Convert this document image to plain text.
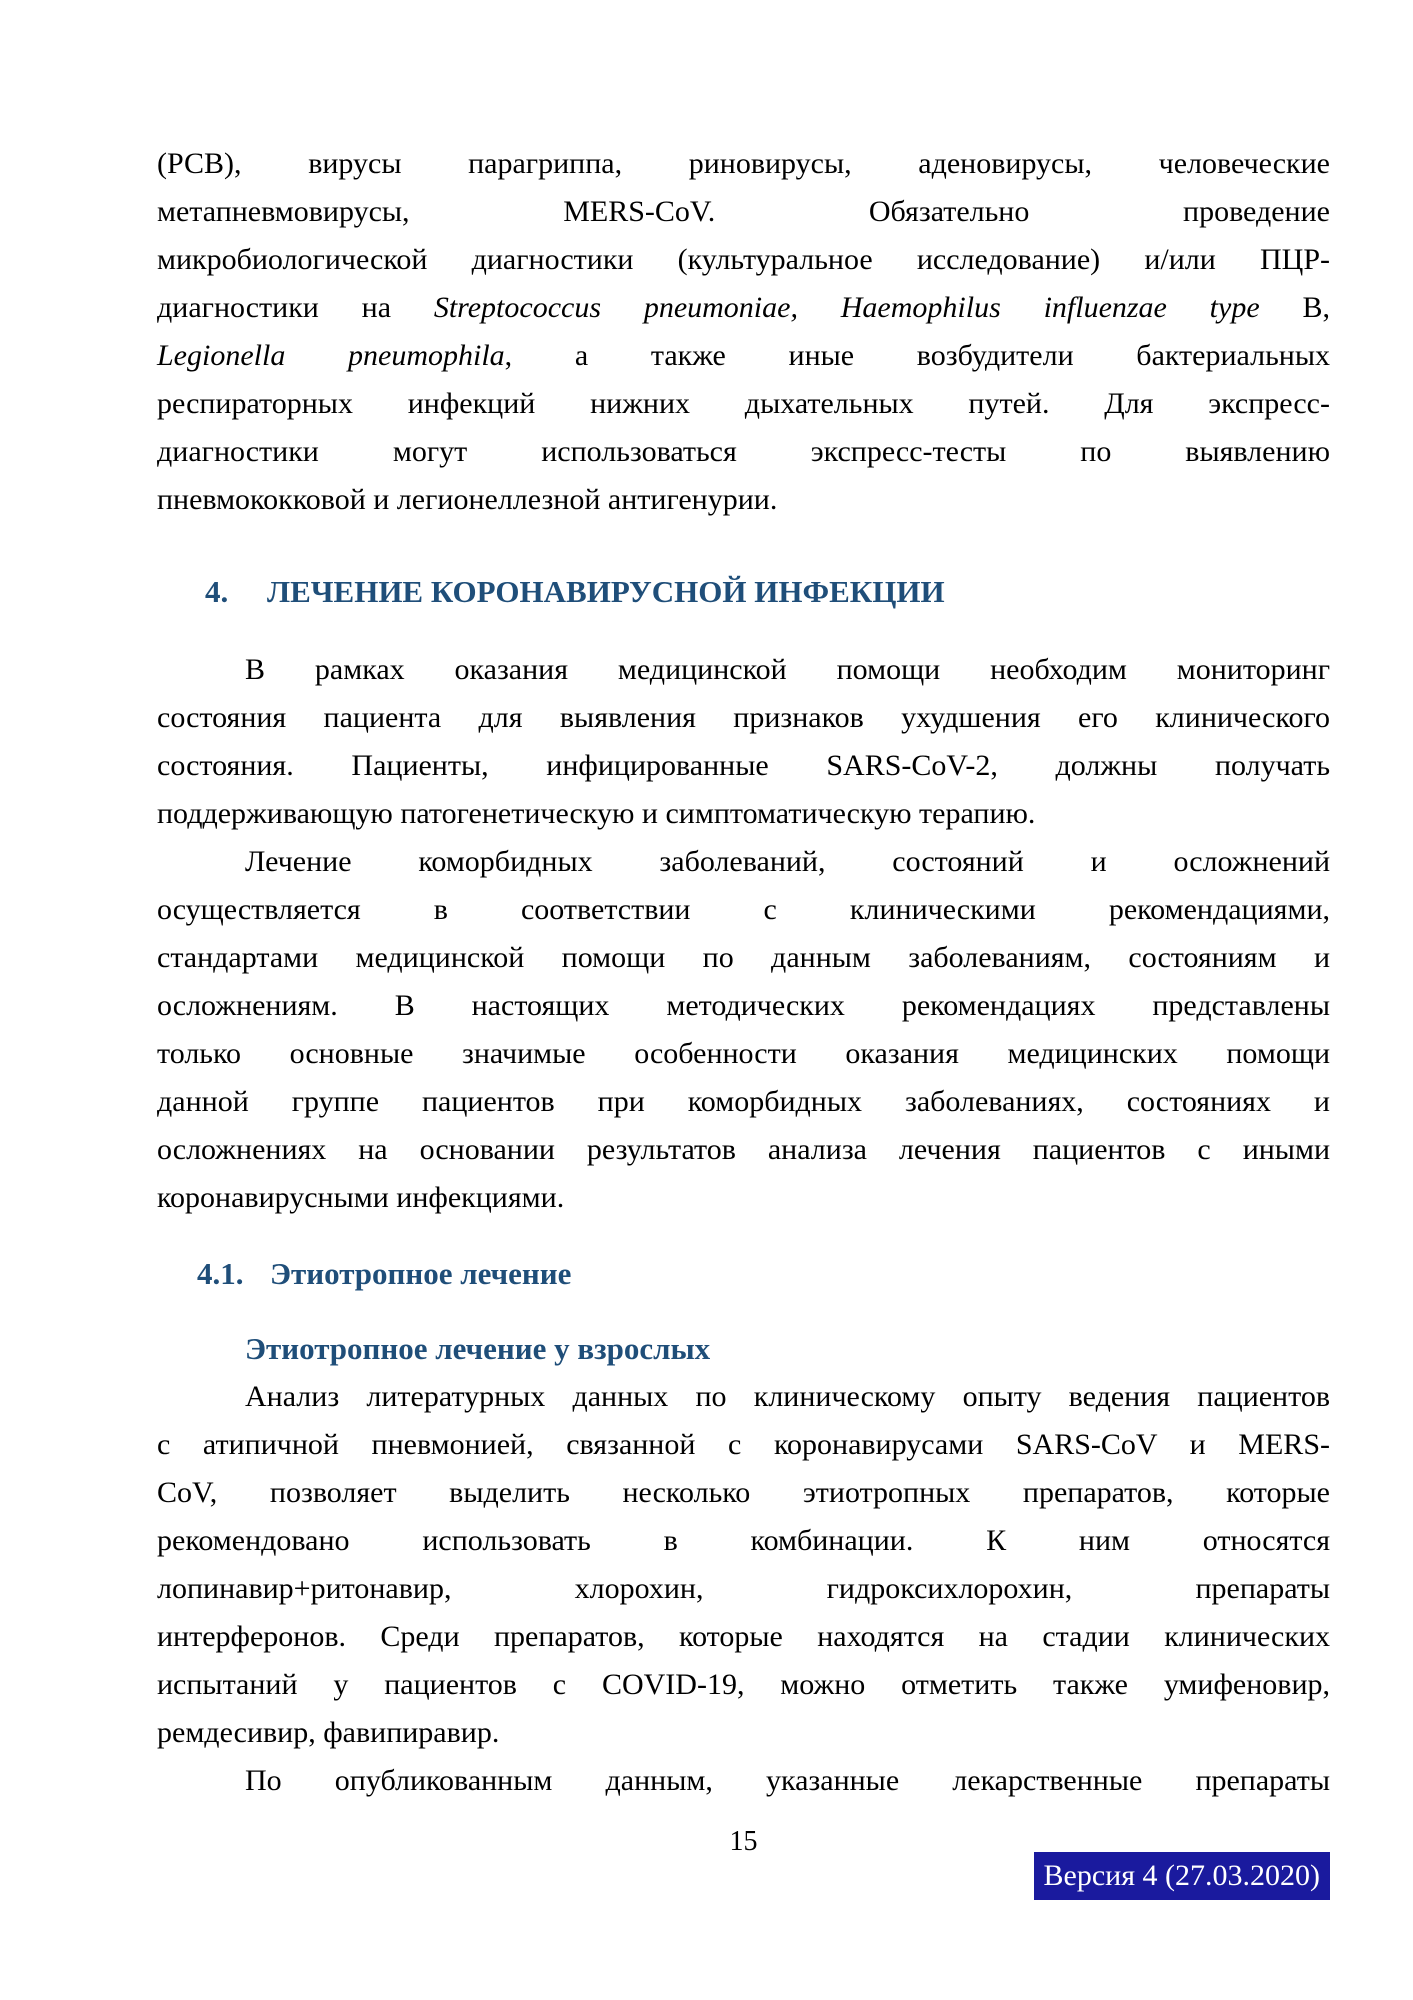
(РСВ), вирусы парагриппа, риновирусы, аденовирусы, человеческие
метапневмовирусы, MERS-CoV. Обязательно проведение
микробиологической диагностики (культуральное исследование) и/или ПЦР-
диагностики на Streptococcus pneumoniae, Haemophilus influenzae type B,
Legionella pneumophila, а также иные возбудители бактериальных
респираторных инфекций нижних дыхательных путей. Для экспресс-
диагностики могут использоваться экспресс-тесты по выявлению
пневмококковой и легионеллезной антигенурии.
4. ЛЕЧЕНИЕ КОРОНАВИРУСНОЙ ИНФЕКЦИИ
В рамках оказания медицинской помощи необходим мониторинг
состояния пациента для выявления признаков ухудшения его клинического
состояния. Пациенты, инфицированные SARS-CoV-2, должны получать
поддерживающую патогенетическую и симптоматическую терапию.
Лечение коморбидных заболеваний, состояний и осложнений
осуществляется в соответствии с клиническими рекомендациями,
стандартами медицинской помощи по данным заболеваниям, состояниям и
осложнениям. В настоящих методических рекомендациях представлены
только основные значимые особенности оказания медицинских помощи
данной группе пациентов при коморбидных заболеваниях, состояниях и
осложнениях на основании результатов анализа лечения пациентов с иными
коронавирусными инфекциями.
4.1. Этиотропное лечение
Этиотропное лечение у взрослых
Анализ литературных данных по клиническому опыту ведения пациентов
с атипичной пневмонией, связанной с коронавирусами SARS-CoV и MERS-
CoV, позволяет выделить несколько этиотропных препаратов, которые
рекомендовано использовать в комбинации. К ним относятся
лопинавир+ритонавир, хлорохин, гидроксихлорохин, препараты
интерферонов. Среди препаратов, которые находятся на стадии клинических
испытаний у пациентов с COVID-19, можно отметить также умифеновир,
ремдесивир, фавипиравир.
По опубликованным данным, указанные лекарственные препараты
15
Версия 4 (27.03.2020)
